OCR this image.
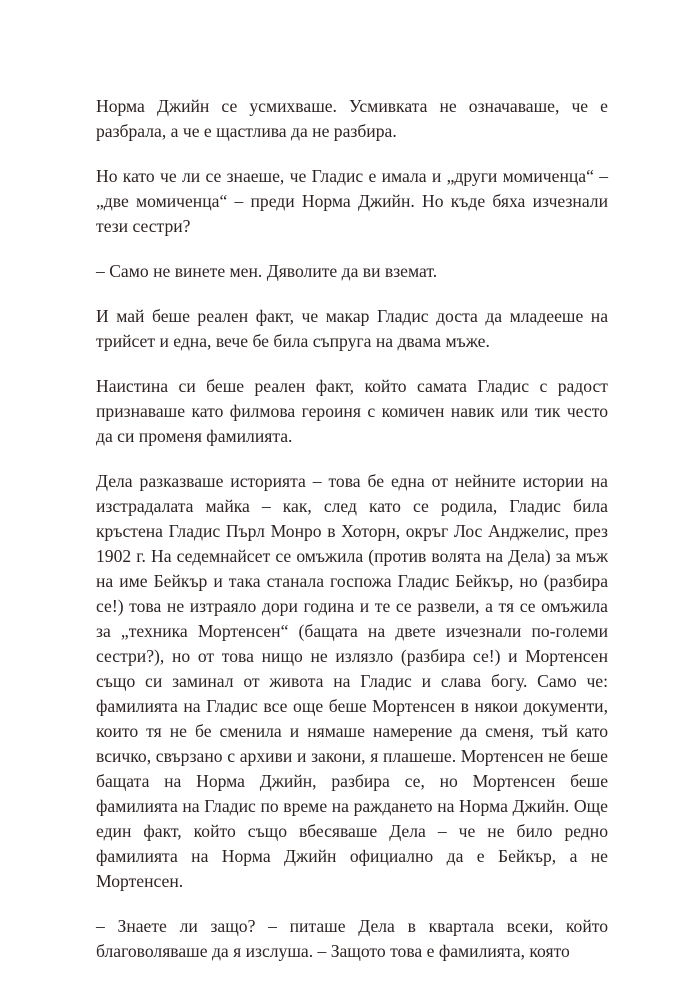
Норма Джийн се усмихваше. Усмивката не означаваше, че е разбрала, а че е щастлива да не разбира.

Но като че ли се знаеше, че Гладис е имала и „други момиченца“ – „две момиченца“ – преди Норма Джийн. Но къде бяха изчезнали тези сестри?

– Само не винете мен. Дяволите да ви вземат.

И май беше реален факт, че макар Гладис доста да младееше на трийсет и една, вече бе била съпруга на двама мъже.

Наистина си беше реален факт, който самата Гладис с радост признаваше като филмова героиня с комичен навик или тик често да си променя фамилията.

Дела разказваше историята – това бе една от нейните истории на изстрадалата майка – как, след като се родила, Гладис била кръстена Гладис Пърл Монро в Хоторн, окръг Лос Анджелис, през 1902 г. На седемнайсет се омъжила (против волята на Дела) за мъж на име Бейкър и така станала госпожа Гладис Бейкър, но (разбира се!) това не изтраяло дори година и те се развели, а тя се омъжила за „техника Мортенсен“ (бащата на двете изчезнали по-големи сестри?), но от това нищо не излязло (разбира се!) и Мортенсен също си заминал от живота на Гладис и слава богу. Само че: фамилията на Гладис все още беше Мортенсен в някои документи, които тя не бе сменила и нямаше намерение да сменя, тъй като всичко, свързано с архиви и закони, я плашеше. Мортенсен не беше бащата на Норма Джийн, разбира се, но Мортенсен беше фамилията на Гладис по време на раждането на Норма Джийн. Още един факт, който също вбесяваше Дела – че не било редно фамилията на Норма Джийн официално да е Бейкър, а не Мортенсен.

– Знаете ли защо? – питаше Дела в квартала всеки, който благоволяваше да я изслуша. – Защото това е фамилията, която
